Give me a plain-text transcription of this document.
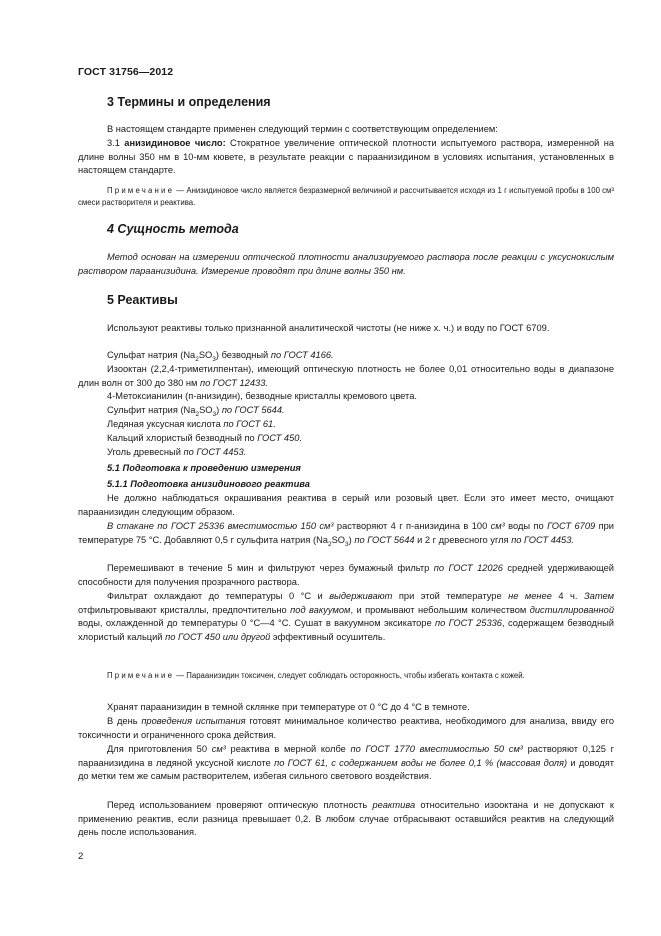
ГОСТ 31756—2012
3 Термины и определения
В настоящем стандарте применен следующий термин с соответствующим определением:
3.1 анизидиновое число: Стократное увеличение оптической плотности испытуемого раствора, измеренной на длине волны 350 нм в 10-мм кювете, в результате реакции с параанизидином в условиях испытания, установленных в настоящем стандарте.
Примечание — Анизидиновое число является безразмерной величиной и рассчитывается исходя из 1 г испытуемой пробы в 100 см³ смеси растворителя и реактива.
4 Сущность метода
Метод основан на измерении оптической плотности анализируемого раствора после реакции с уксуснокислым раствором параанизидина. Измерение проводят при длине волны 350 нм.
5 Реактивы
Используют реактивы только признанной аналитической чистоты (не ниже х. ч.) и воду по ГОСТ 6709.
Сульфат натрия $(Na_2SO_3)$ безводный по ГОСТ 4166.
Изооктан (2,2,4-триметилпентан), имеющий оптическую плотность не более 0,01 относительно воды в диапазоне длин волн от 300 до 380 нм по ГОСТ 12433.
4-Метоксианилин (п-анизидин), безводные кристаллы кремового цвета.
Сульфит натрия $(Na_2SO_3)$ по ГОСТ 5644.
Ледяная уксусная кислота по ГОСТ 61.
Кальций хлористый безводный по ГОСТ 450.
Уголь древесный по ГОСТ 4453.
5.1 Подготовка к проведению измерения
5.1.1 Подготовка анизидинового реактива
Не должно наблюдаться окрашивания реактива в серый или розовый цвет. Если это имеет место, очищают параанизидин следующим образом.
В стакане по ГОСТ 25336 вместимостью 150 см³ растворяют 4 г п-анизидина в 100 см³ воды по ГОСТ 6709 при температуре 75 °С. Добавляют 0,5 г сульфита натрия $(Na_2SO_3)$ по ГОСТ 5644 и 2 г древесного угля по ГОСТ 4453.
Перемешивают в течение 5 мин и фильтруют через бумажный фильтр по ГОСТ 12026 средней удерживающей способности для получения прозрачного раствора.
Фильтрат охлаждают до температуры 0 °С и выдерживают при этой температуре не менее 4 ч. Затем отфильтровывают кристаллы, предпочтительно под вакуумом, и промывают небольшим количеством дистиллированной воды, охлажденной до температуры 0 °С—4 °С. Сушат в вакуумном эксикаторе по ГОСТ 25336, содержащем безводный хлористый кальций по ГОСТ 450 или другой эффективный осушитель.
Примечание — Параанизидин токсичен, следует соблюдать осторожность, чтобы избегать контакта с кожей.
Хранят параанизидин в темной склянке при температуре от 0 °С до 4 °С в темноте.
В день проведения испытания готовят минимальное количество реактива, необходимого для анализа, ввиду его токсичности и ограниченного срока действия.
Для приготовления 50 см³ реактива в мерной колбе по ГОСТ 1770 вместимостью 50 см³ растворяют 0,125 г параанизидина в ледяной уксусной кислоте по ГОСТ 61, с содержанием воды не более 0,1 % (массовая доля) и доводят до метки тем же самым растворителем, избегая сильного светового воздействия.
Перед использованием проверяют оптическую плотность реактива относительно изооктана и не допускают к применению реактив, если разница превышает 0,2. В любом случае отбрасывают оставшийся реактив на следующий день после использования.
2
